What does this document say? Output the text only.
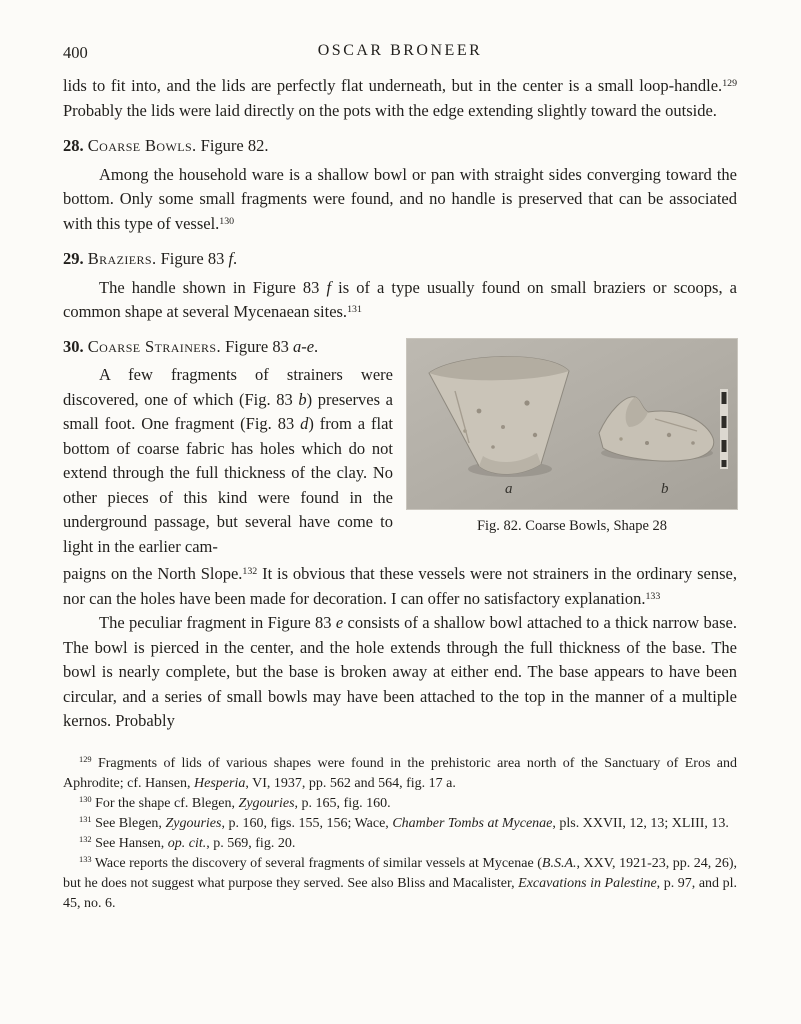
400	OSCAR BRONEER

lids to fit into, and the lids are perfectly flat underneath, but in the center is a small loop-handle.$^{129}$ Probably the lids were laid directly on the pots with the edge extending slightly toward the outside.

28. Coarse Bowls. Figure 82.

Among the household ware is a shallow bowl or pan with straight sides converging toward the bottom. Only some small fragments were found, and no handle is preserved that can be associated with this type of vessel.$^{130}$

29. Braziers. Figure 83 f.

The handle shown in Figure 83 f is of a type usually found on small braziers or scoops, a common shape at several Mycenaean sites.$^{131}$

30. Coarse Strainers. Figure 83 a-e.

A few fragments of strainers were discovered, one of which (Fig. 83 b) preserves a small foot. One fragment (Fig. 83 d) from a flat bottom of coarse fabric has holes which do not extend through the full thickness of the clay. No other pieces of this kind were found in the underground passage, but several have come to light in the earlier cam-

a	b
Fig. 82. Coarse Bowls, Shape 28

paigns on the North Slope.$^{132}$ It is obvious that these vessels were not strainers in the ordinary sense, nor can the holes have been made for decoration. I can offer no satisfactory explanation.$^{133}$

The peculiar fragment in Figure 83 e consists of a shallow bowl attached to a thick narrow base. The bowl is pierced in the center, and the hole extends through the full thickness of the base. The bowl is nearly complete, but the base is broken away at either end. The base appears to have been circular, and a series of small bowls may have been attached to the top in the manner of a multiple kernos. Probably

$^{129}$ Fragments of lids of various shapes were found in the prehistoric area north of the Sanctuary of Eros and Aphrodite; cf. Hansen, Hesperia, VI, 1937, pp. 562 and 564, fig. 17 a.

$^{130}$ For the shape cf. Blegen, Zygouries, p. 165, fig. 160.

$^{131}$ See Blegen, Zygouries, p. 160, figs. 155, 156; Wace, Chamber Tombs at Mycenae, pls. XXVII, 12, 13; XLIII, 13.

$^{132}$ See Hansen, op. cit., p. 569, fig. 20.

$^{133}$ Wace reports the discovery of several fragments of similar vessels at Mycenae (B.S.A., XXV, 1921-23, pp. 24, 26), but he does not suggest what purpose they served. See also Bliss and Macalister, Excavations in Palestine, p. 97, and pl. 45, no. 6.
